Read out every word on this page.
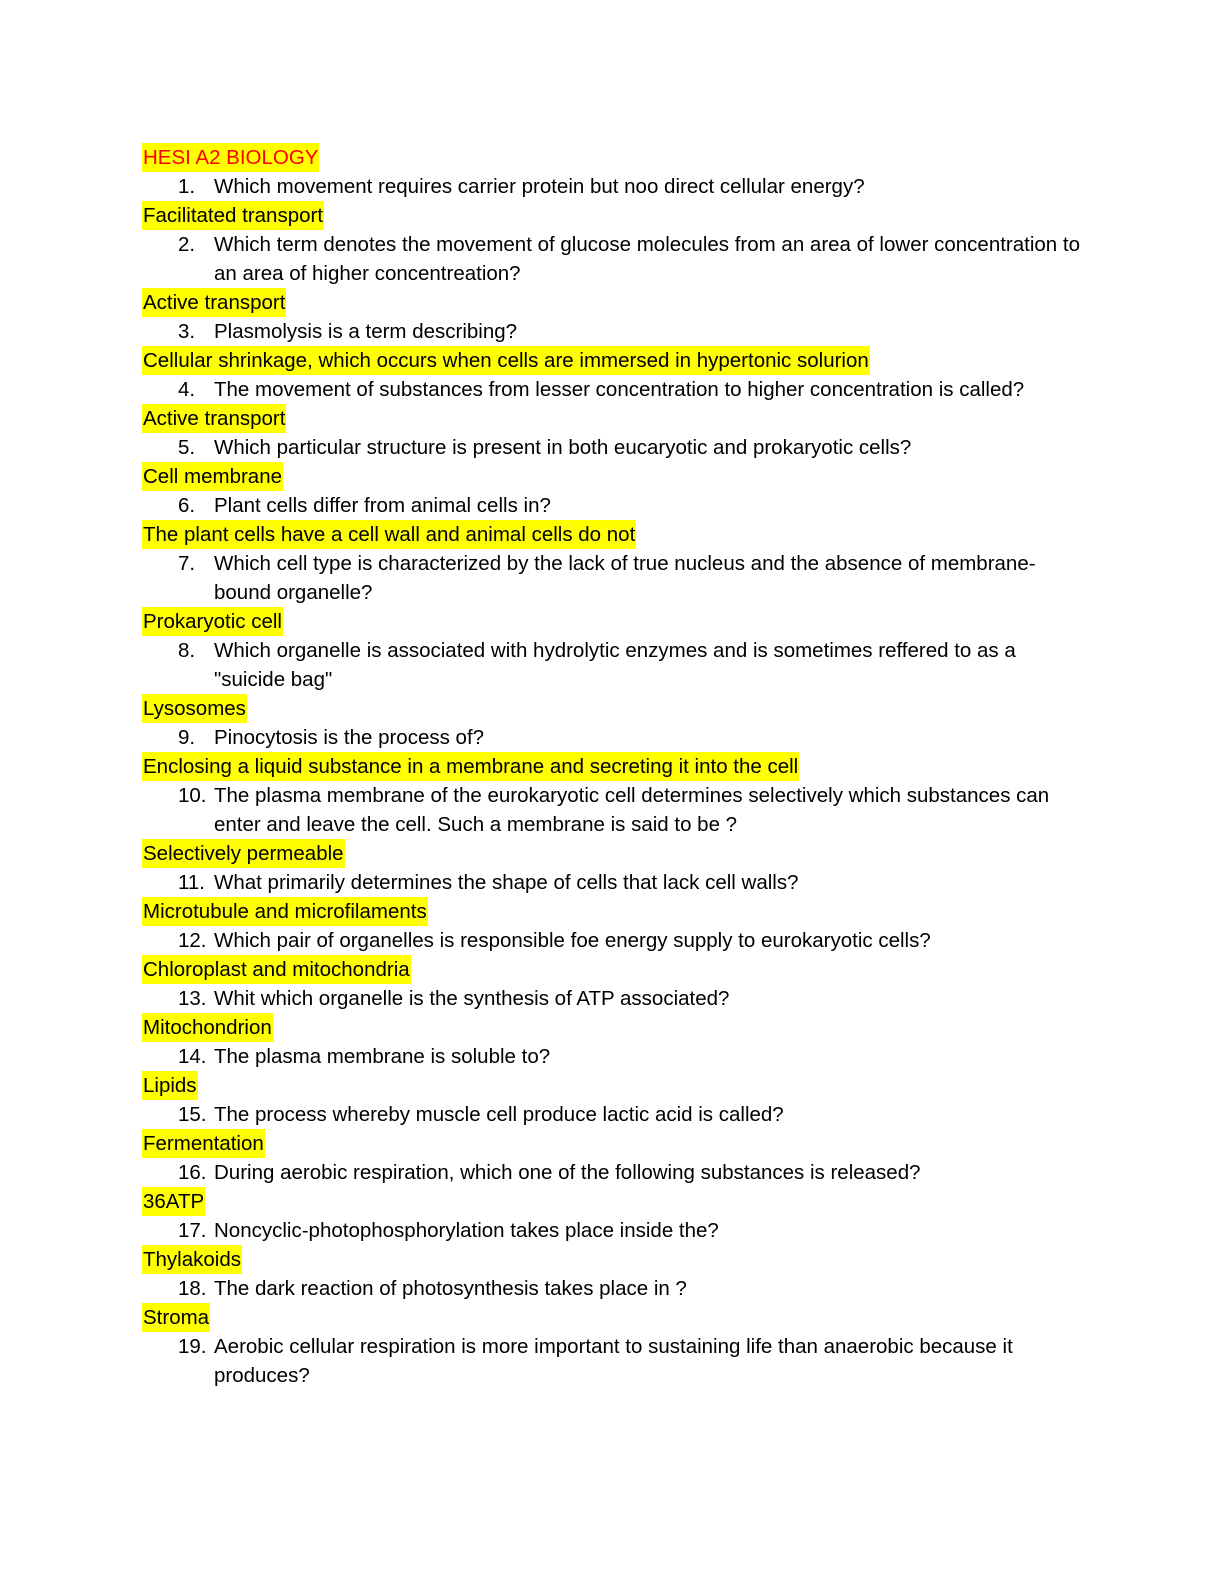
HESI A2 BIOLOGY

1. Which movement requires carrier protein but noo direct cellular energy?

Facilitated transport

2. Which term denotes the movement of glucose molecules from an area of lower concentration to an area of higher concentreation?

Active transport

3. Plasmolysis is a term describing?

Cellular shrinkage, which occurs when cells are immersed in hypertonic solurion

4. The movement of substances from lesser concentration to higher concentration is called?

Active transport

5. Which particular structure is present in both eucaryotic and prokaryotic cells?

Cell membrane

6. Plant cells differ from animal cells in?

The plant cells have a cell wall and animal cells do not

7. Which cell type is characterized by the lack of true nucleus and the absence of membrane-bound organelle?

Prokaryotic cell

8. Which organelle is associated with hydrolytic enzymes and is sometimes reffered to as a "suicide bag"

Lysosomes

9. Pinocytosis is the process of?

Enclosing a liquid substance in a membrane and secreting it into the cell

10. The plasma membrane of the eurokaryotic cell determines selectively which substances can enter and leave the cell. Such a membrane is said to be ?

Selectively permeable

11. What primarily determines the shape of cells that lack cell walls?

Microtubule and microfilaments

12. Which pair of organelles is responsible foe energy supply to eurokaryotic cells?

Chloroplast and mitochondria

13. Whit which organelle is the synthesis of ATP associated?

Mitochondrion

14. The plasma membrane is soluble to?

Lipids

15. The process whereby muscle cell produce lactic acid is called?

Fermentation

16. During aerobic respiration, which one of the following substances is released?

36ATP

17. Noncyclic-photophosphorylation takes place inside the?

Thylakoids

18. The dark reaction of photosynthesis takes place in ?

Stroma

19. Aerobic cellular respiration is more important to sustaining life than anaerobic because it produces?
